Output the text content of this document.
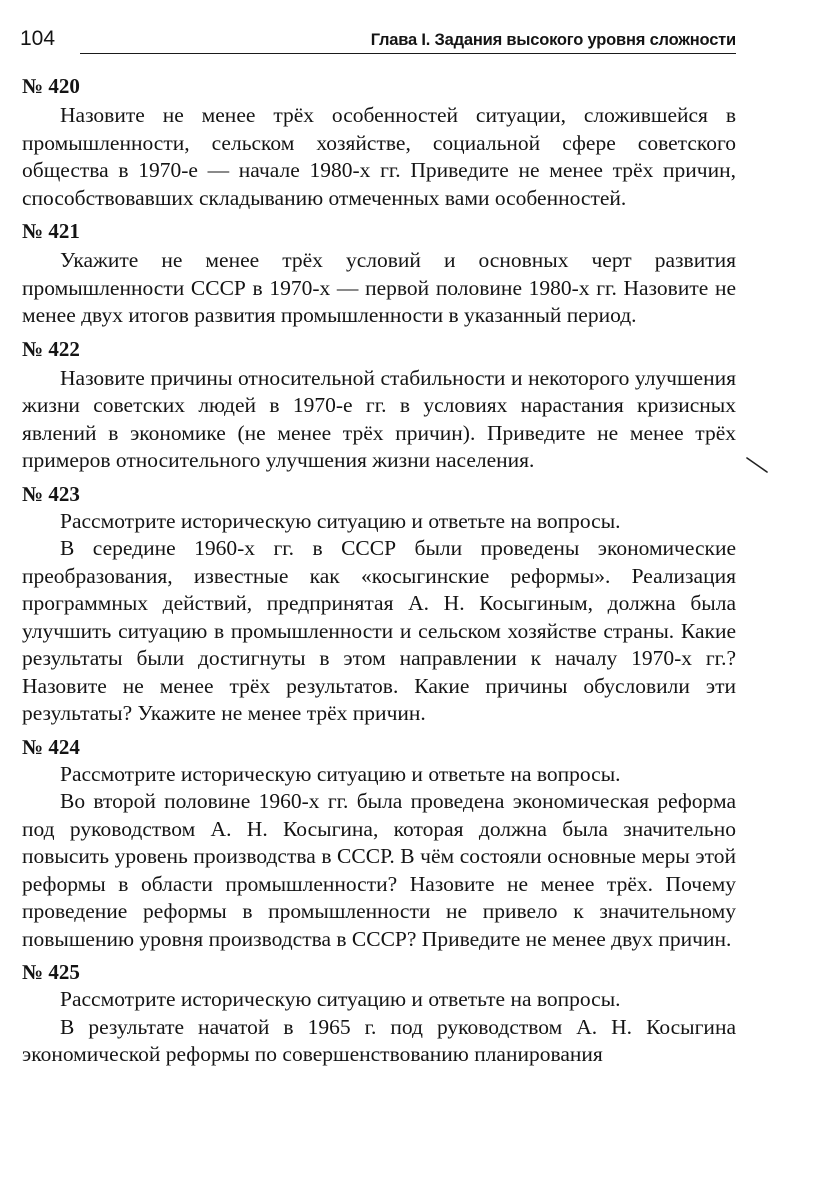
104	Глава I. Задания высокого уровня сложности

№ 420

Назовите не менее трёх особенностей ситуации, сложившейся в промышленности, сельском хозяйстве, социальной сфере советского общества в 1970-е — начале 1980-х гг. Приведите не менее трёх причин, способствовавших складыванию отмеченных вами особенностей.

№ 421

Укажите не менее трёх условий и основных черт развития промышленности СССР в 1970-х — первой половине 1980-х гг. Назовите не менее двух итогов развития промышленности в указанный период.

№ 422

Назовите причины относительной стабильности и некоторого улучшения жизни советских людей в 1970-е гг. в условиях нарастания кризисных явлений в экономике (не менее трёх причин). Приведите не менее трёх примеров относительного улучшения жизни населения.

№ 423

Рассмотрите историческую ситуацию и ответьте на вопросы.

В середине 1960-х гг. в СССР были проведены экономические преобразования, известные как «косыгинские реформы». Реализация программных действий, предпринятая А. Н. Косыгиным, должна была улучшить ситуацию в промышленности и сельском хозяйстве страны. Какие результаты были достигнуты в этом направлении к началу 1970-х гг.? Назовите не менее трёх результатов. Какие причины обусловили эти результаты? Укажите не менее трёх причин.

№ 424

Рассмотрите историческую ситуацию и ответьте на вопросы.

Во второй половине 1960-х гг. была проведена экономическая реформа под руководством А. Н. Косыгина, которая должна была значительно повысить уровень производства в СССР. В чём состояли основные меры этой реформы в области промышленности? Назовите не менее трёх. Почему проведение реформы в промышленности не привело к значительному повышению уровня производства в СССР? Приведите не менее двух причин.

№ 425

Рассмотрите историческую ситуацию и ответьте на вопросы.

В результате начатой в 1965 г. под руководством А. Н. Косыгина экономической реформы по совершенствованию планирования
